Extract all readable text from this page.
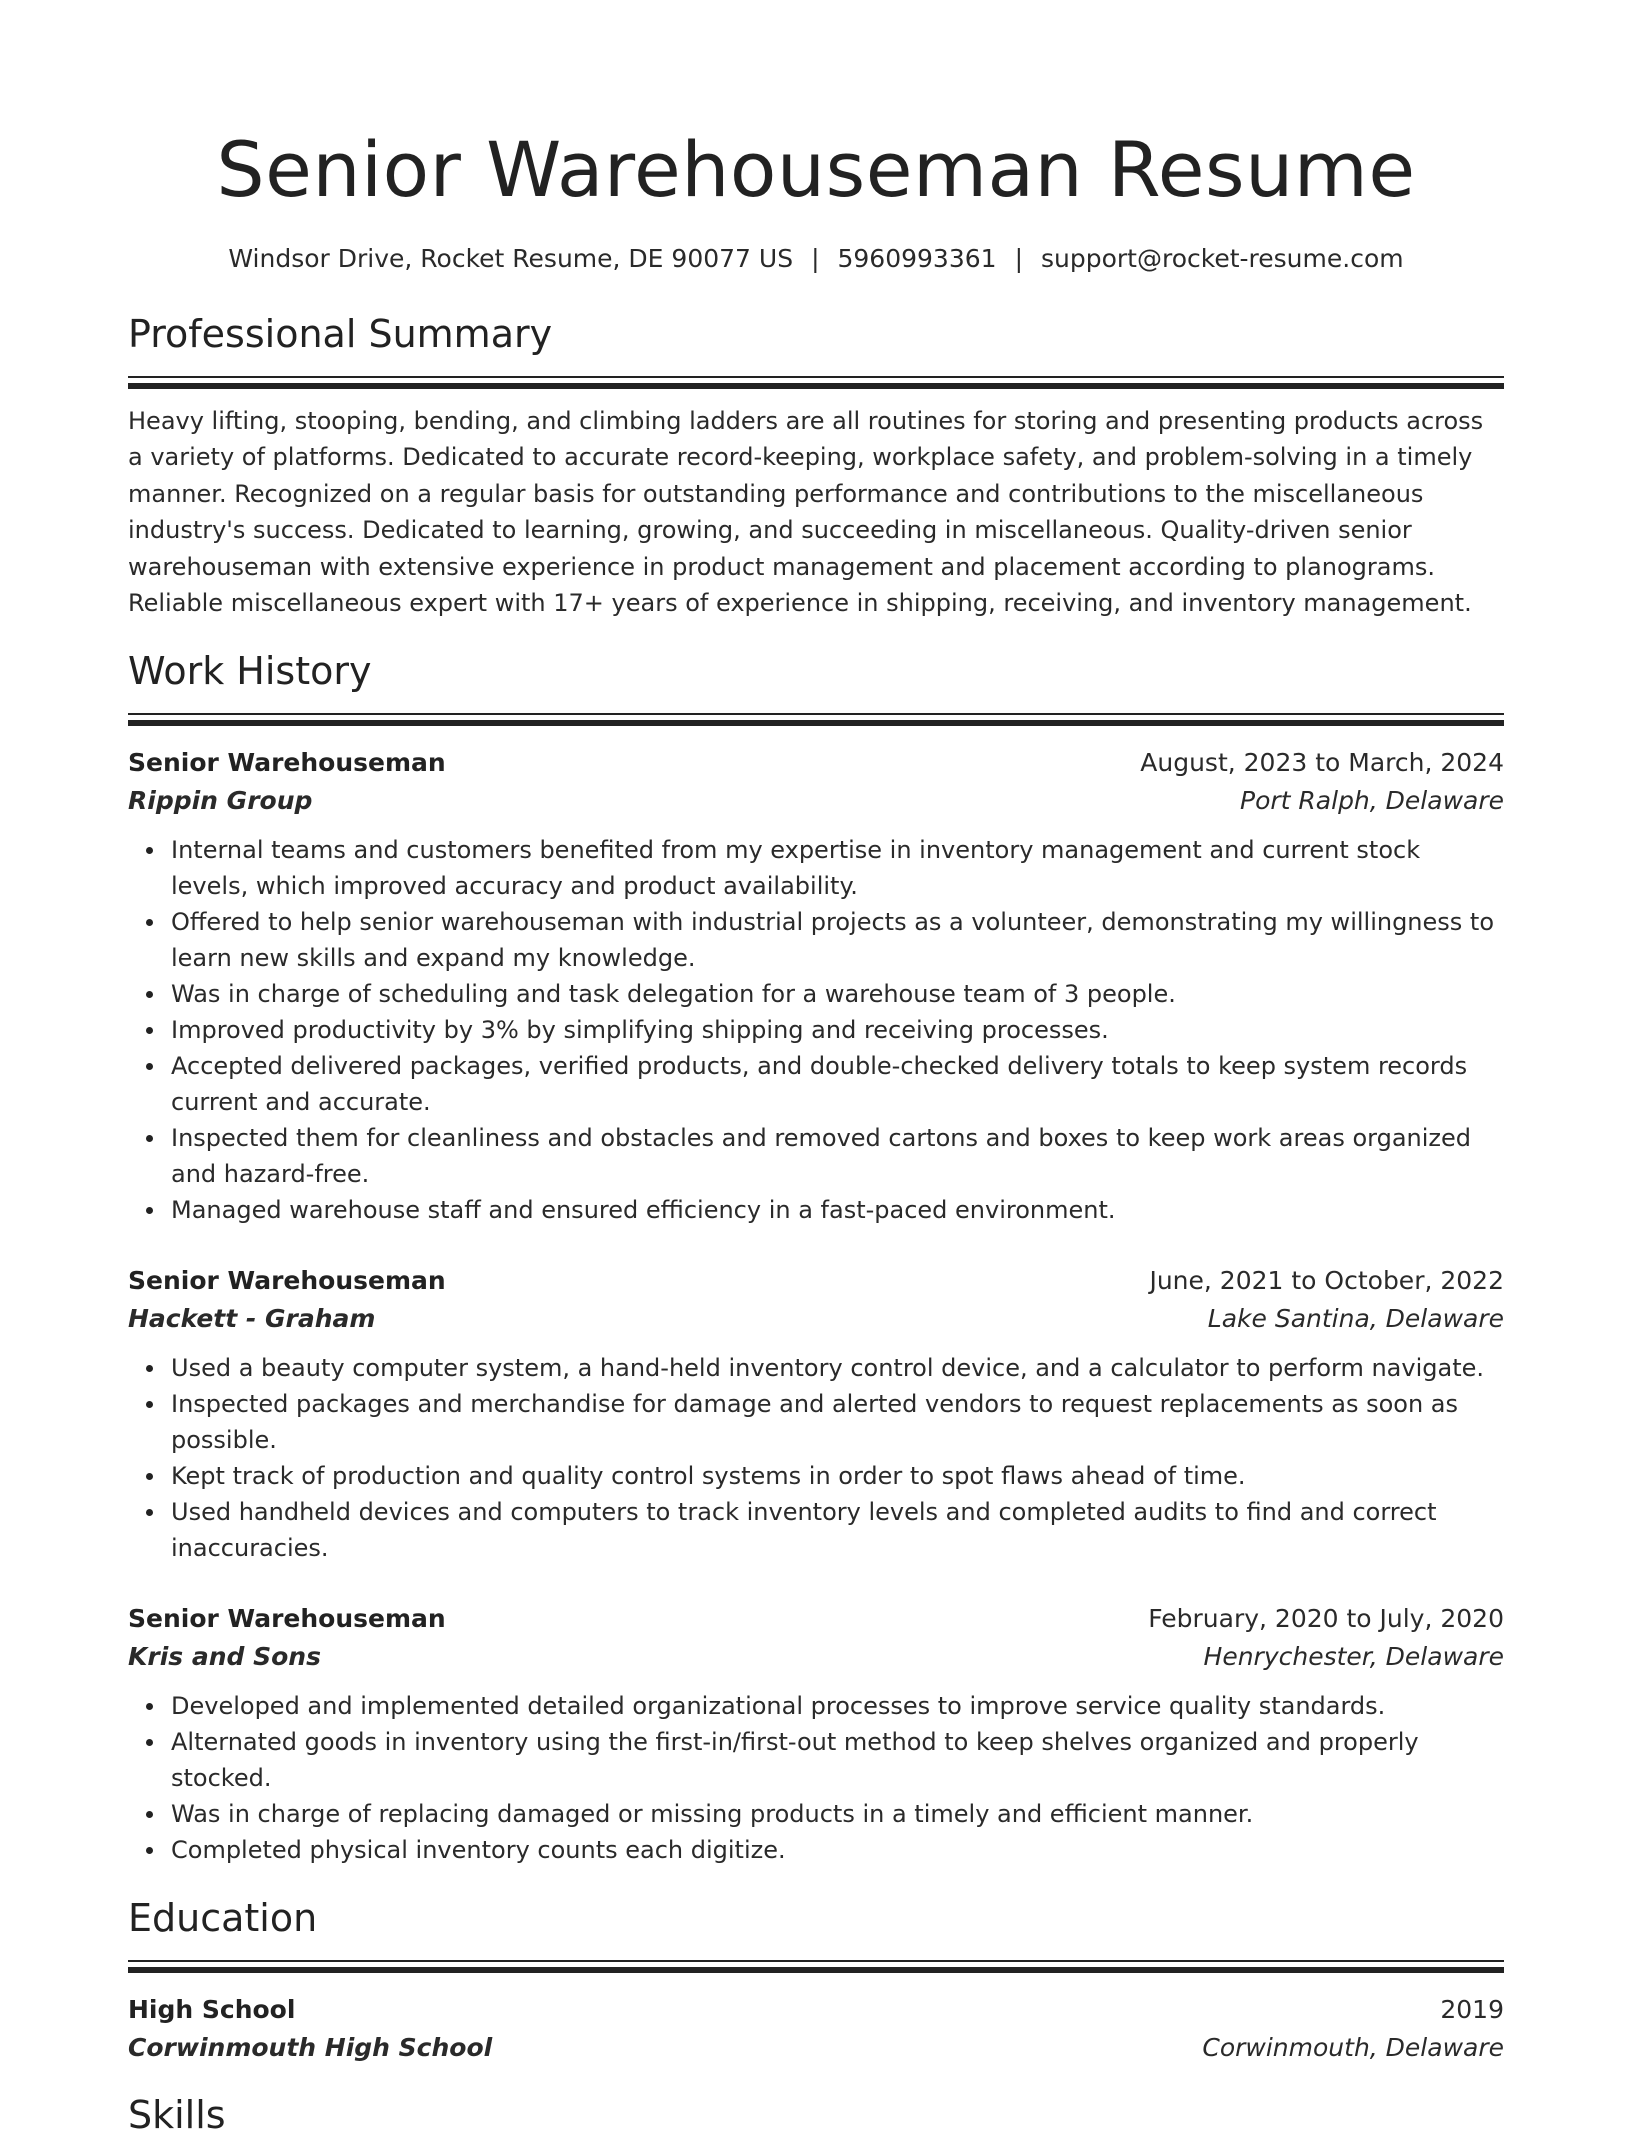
Senior Warehouseman Resume
Windsor Drive, Rocket Resume, DE 90077 US | 5960993361 | support@rocket-resume.com
Professional Summary

Heavy lifting, stooping, bending, and climbing ladders are all routines for storing and presenting products across a variety of platforms. Dedicated to accurate record-keeping, workplace safety, and problem-solving in a timely manner. Recognized on a regular basis for outstanding performance and contributions to the miscellaneous industry's success. Dedicated to learning, growing, and succeeding in miscellaneous. Quality-driven senior warehouseman with extensive experience in product management and placement according to planograms. Reliable miscellaneous expert with 17+ years of experience in shipping, receiving, and inventory management.

Work History
Senior Warehouseman	August, 2023 to March, 2024
Rippin Group	Port Ralph, Delaware
Internal teams and customers benefited from my expertise in inventory management and current stock levels, which improved accuracy and product availability.
Offered to help senior warehouseman with industrial projects as a volunteer, demonstrating my willingness to learn new skills and expand my knowledge.
Was in charge of scheduling and task delegation for a warehouse team of 3 people.
Improved productivity by 3% by simplifying shipping and receiving processes.
Accepted delivered packages, verified products, and double-checked delivery totals to keep system records current and accurate.
Inspected them for cleanliness and obstacles and removed cartons and boxes to keep work areas organized and hazard-free.
Managed warehouse staff and ensured efficiency in a fast-paced environment.
Senior Warehouseman	June, 2021 to October, 2022
Hackett - Graham	Lake Santina, Delaware
Used a beauty computer system, a hand-held inventory control device, and a calculator to perform navigate.
Inspected packages and merchandise for damage and alerted vendors to request replacements as soon as possible.
Kept track of production and quality control systems in order to spot flaws ahead of time.
Used handheld devices and computers to track inventory levels and completed audits to find and correct inaccuracies.
Senior Warehouseman	February, 2020 to July, 2020
Kris and Sons	Henrychester, Delaware
Developed and implemented detailed organizational processes to improve service quality standards.
Alternated goods in inventory using the first-in/first-out method to keep shelves organized and properly stocked.
Was in charge of replacing damaged or missing products in a timely and efficient manner.
Completed physical inventory counts each digitize.
Education
High School	2019
Corwinmouth High School	Corwinmouth, Delaware
Skills
